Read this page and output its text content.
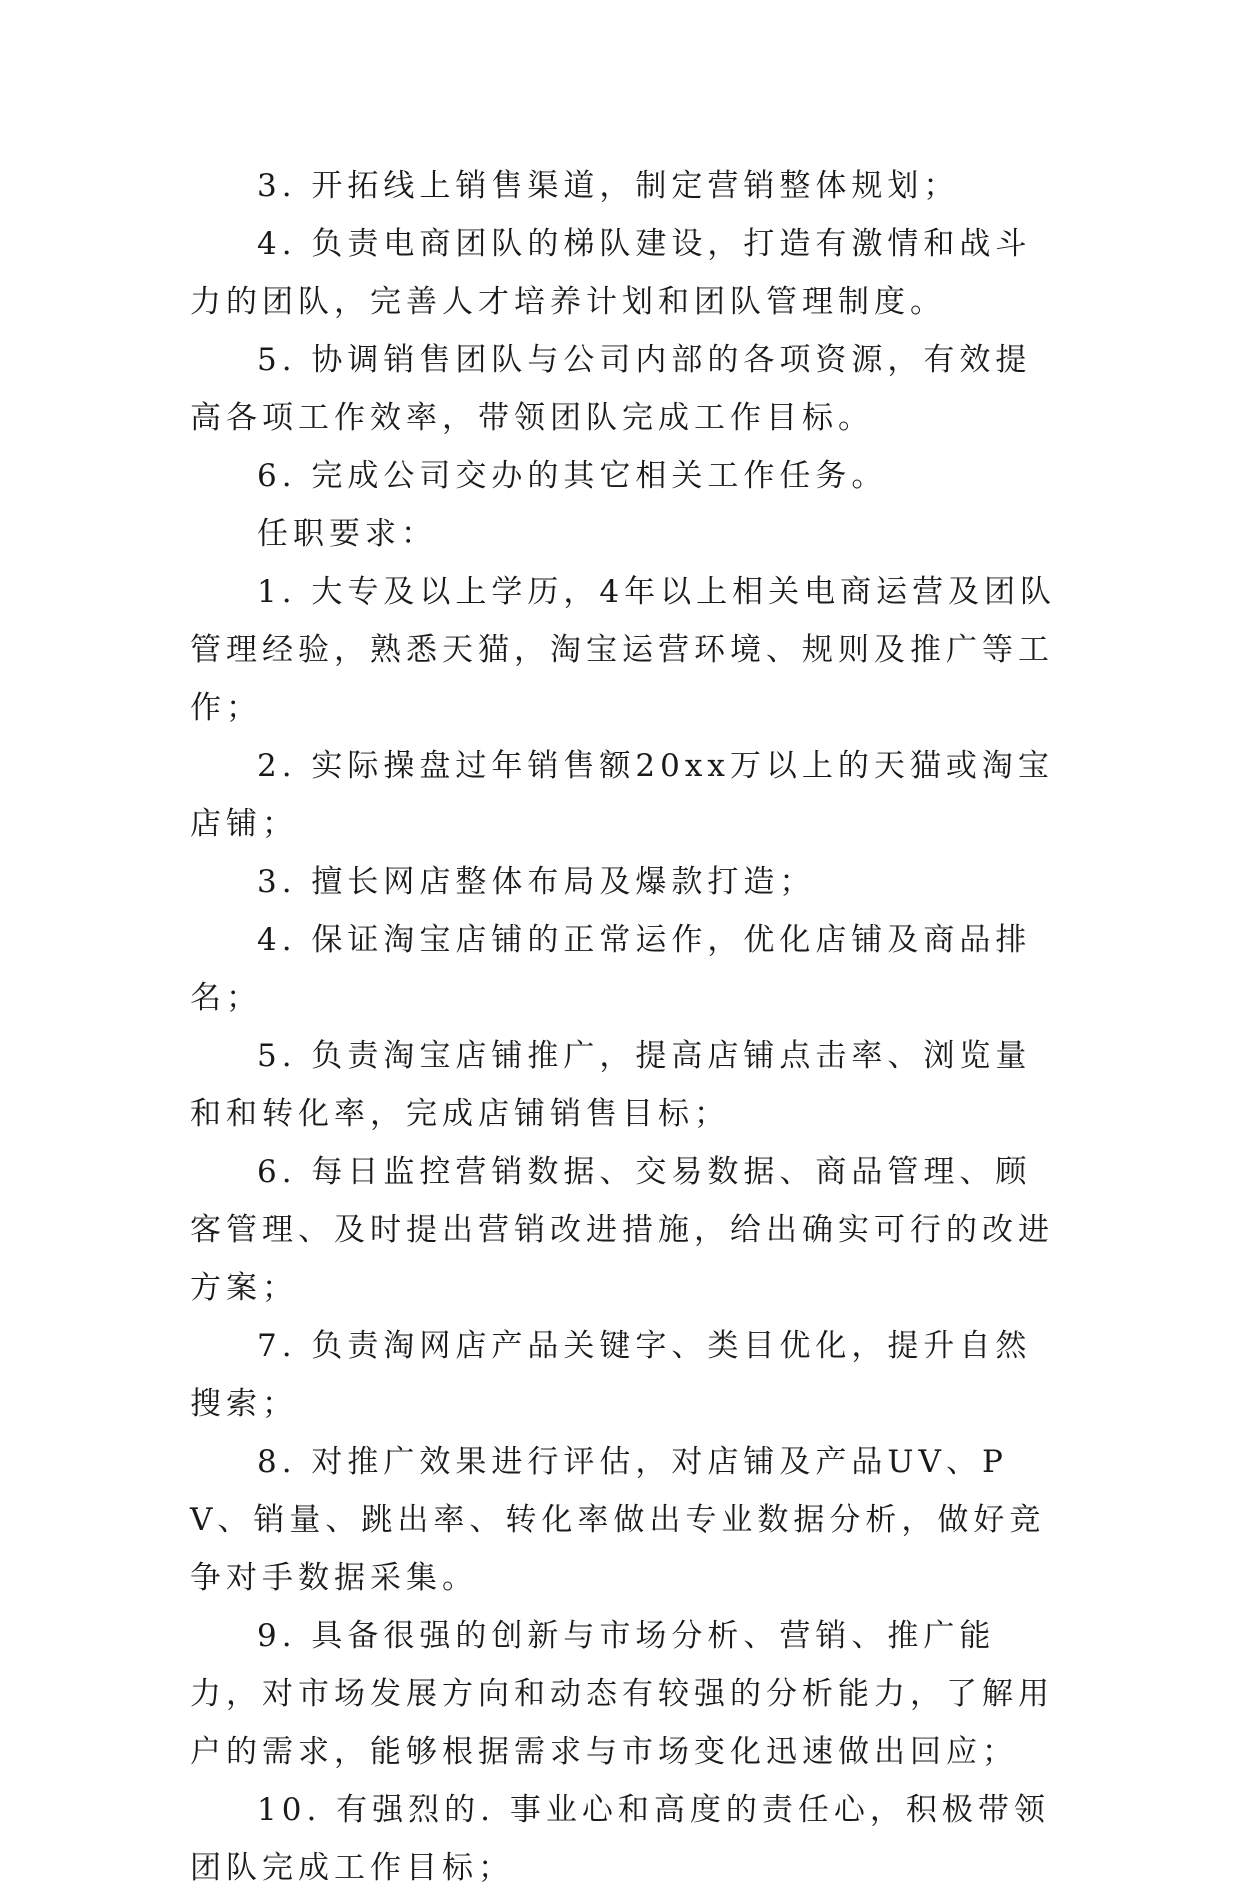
3. 开拓线上销售渠道，制定营销整体规划；

4. 负责电商团队的梯队建设，打造有激情和战斗力的团队，完善人才培养计划和团队管理制度。

5. 协调销售团队与公司内部的各项资源，有效提高各项工作效率，带领团队完成工作目标。

6. 完成公司交办的其它相关工作任务。

任职要求：

1. 大专及以上学历，4年以上相关电商运营及团队管理经验，熟悉天猫，淘宝运营环境、规则及推广等工作；

2. 实际操盘过年销售额20xx万以上的天猫或淘宝店铺；

3. 擅长网店整体布局及爆款打造；

4. 保证淘宝店铺的正常运作，优化店铺及商品排名；

5. 负责淘宝店铺推广，提高店铺点击率、浏览量和和转化率，完成店铺销售目标；

6. 每日监控营销数据、交易数据、商品管理、顾客管理、及时提出营销改进措施，给出确实可行的改进方案；

7. 负责淘网店产品关键字、类目优化，提升自然搜索；

8. 对推广效果进行评估，对店铺及产品UV、PV、销量、跳出率、转化率做出专业数据分析，做好竞争对手数据采集。

9. 具备很强的创新与市场分析、营销、推广能力，对市场发展方向和动态有较强的分析能力，了解用户的需求，能够根据需求与市场变化迅速做出回应；

10. 有强烈的. 事业心和高度的责任心，积极带领团队完成工作目标；
